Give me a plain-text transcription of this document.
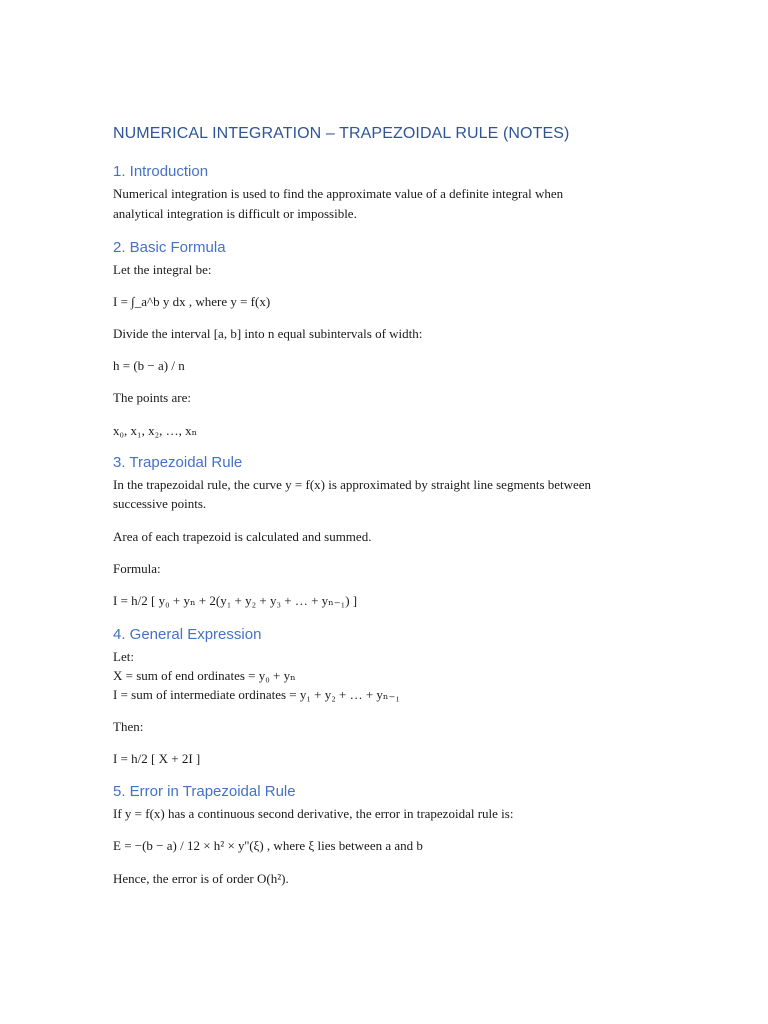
NUMERICAL INTEGRATION – TRAPEZOIDAL RULE (NOTES)
1. Introduction

Numerical integration is used to find the approximate value of a definite integral when

analytical integration is difficult or impossible.

2. Basic Formula

Let the integral be:

I = ∫_a^b y dx , where y = f(x)

Divide the interval [a, b] into n equal subintervals of width:

h = (b − a) / n

The points are:

x₀, x₁, x₂, …, xₙ

3. Trapezoidal Rule

In the trapezoidal rule, the curve y = f(x) is approximated by straight line segments between

successive points.

Area of each trapezoid is calculated and summed.

Formula:

I = h/2 [ y₀ + yₙ + 2(y₁ + y₂ + y₃ + … + yₙ₋₁) ]

4. General Expression

Let:

X = sum of end ordinates = y₀ + yₙ

I = sum of intermediate ordinates = y₁ + y₂ + … + yₙ₋₁

Then:

I = h/2 [ X + 2I ]

5. Error in Trapezoidal Rule

If y = f(x) has a continuous second derivative, the error in trapezoidal rule is:

E = −(b − a) / 12 × h² × y''(ξ) , where ξ lies between a and b

Hence, the error is of order O(h²).
